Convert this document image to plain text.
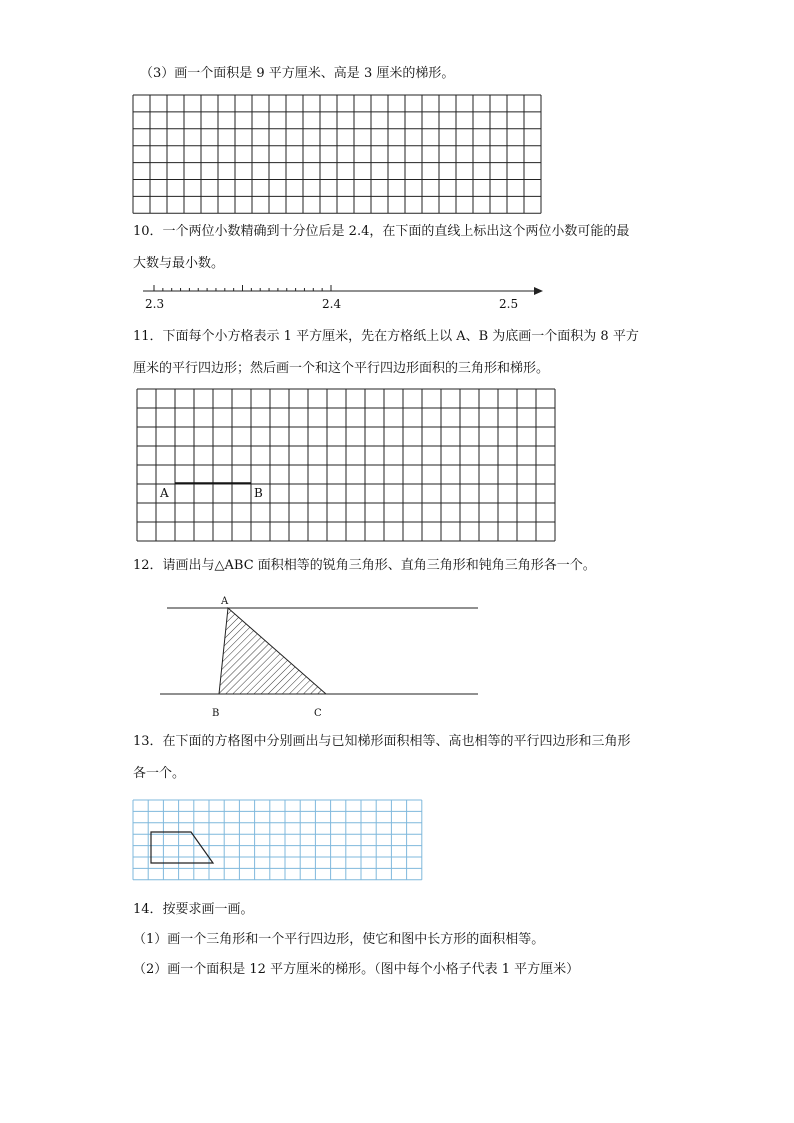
（3）画一个面积是 9 平方厘米、高是 3 厘米的梯形。
10．一个两位小数精确到十分位后是 2.4，在下面的直线上标出这个两位小数可能的最
大数与最小数。
2.3	2.4	2.5
11．下面每个小方格表示 1 平方厘米，先在方格纸上以 A、B 为底画一个面积为 8 平方
厘米的平行四边形；然后画一个和这个平行四边形面积的三角形和梯形。
A	B
12．请画出与△ABC 面积相等的锐角三角形、直角三角形和钝角三角形各一个。
A
B	C
13．在下面的方格图中分别画出与已知梯形面积相等、高也相等的平行四边形和三角形
各一个。
14．按要求画一画。
（1）画一个三角形和一个平行四边形，使它和图中长方形的面积相等。
（2）画一个面积是 12 平方厘米的梯形。（图中每个小格子代表 1 平方厘米）
